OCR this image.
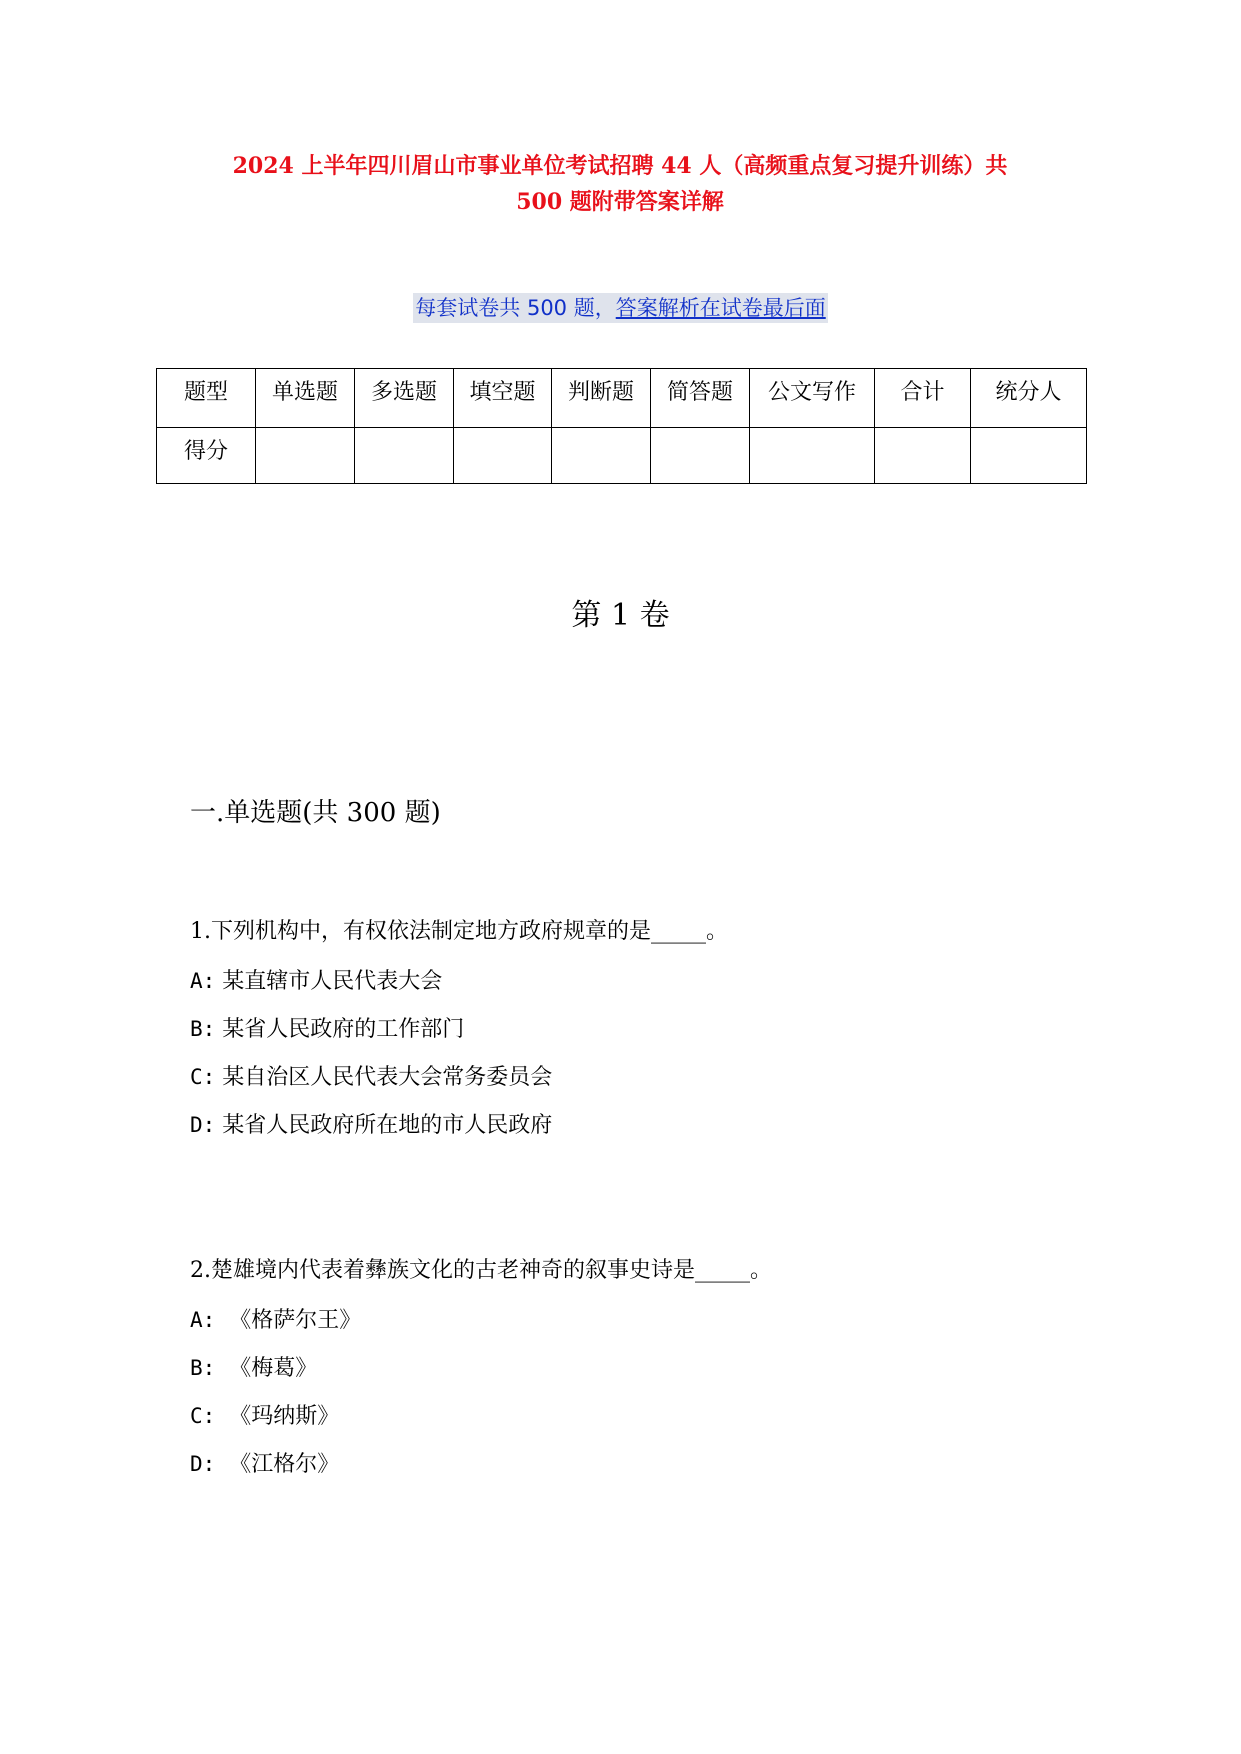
2024 上半年四川眉山市事业单位考试招聘 44 人（高频重点复习提升训练）共
500 题附带答案详解
每套试卷共 500 题，答案解析在试卷最后面
题型	单选题	多选题	填空题	判断题	简答题	公文写作	合计	统分人
得分								
第 1 卷
一.单选题(共 300 题)
1.下列机构中，有权依法制定地方政府规章的是_____。
A: 某直辖市人民代表大会
B: 某省人民政府的工作部门
C: 某自治区人民代表大会常务委员会
D: 某省人民政府所在地的市人民政府
2.楚雄境内代表着彝族文化的古老神奇的叙事史诗是_____。
A:  《格萨尔王》
B:  《梅葛》
C:  《玛纳斯》
D:  《江格尔》
